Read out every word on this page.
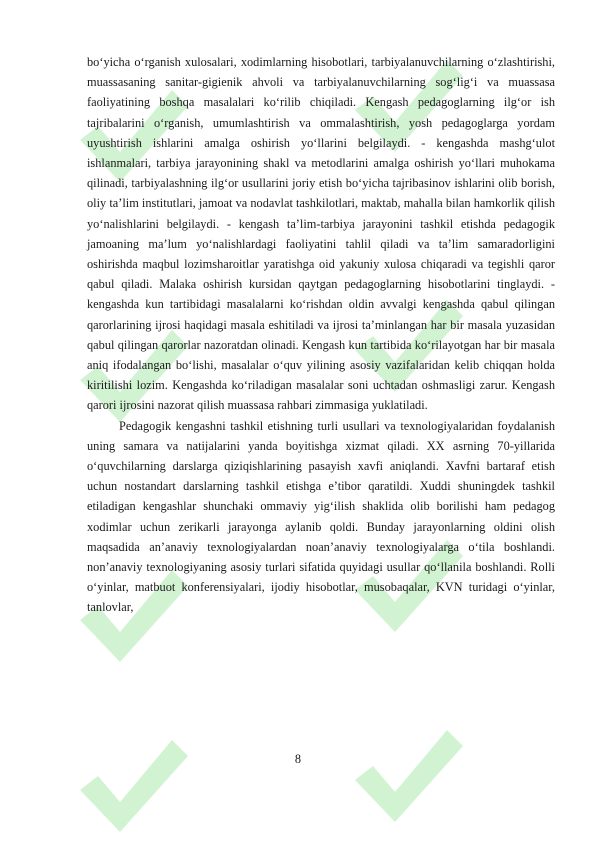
bo‘yicha o‘rganish xulosalari, xodimlarning hisobotlari, tarbiyalanuvchilarning o‘zlashtirishi, muassasaning sanitar-gigienik ahvoli va tarbiyalanuvchilarning sog‘lig‘i va muassasa faoliyatining boshqa masalalari ko‘rilib chiqiladi. Kengash pedagoglarning ilg‘or ish tajribalarini o‘rganish, umumlashtirish va ommalashtirish, yosh pedagoglarga yordam uyushtirish ishlarini amalga oshirish yo‘llarini belgilaydi. - kengashda mashg‘ulot ishlanmalari, tarbiya jarayonining shakl va metodlarini amalga oshirish yo‘llari muhokama qilinadi, tarbiyalashning ilg‘or usullarini joriy etish bo‘yicha tajribasinov ishlarini olib borish, oliy ta’lim institutlari, jamoat va nodavlat tashkilotlari, maktab, mahalla bilan hamkorlik qilish yo‘nalishlarini belgilaydi. - kengash ta’lim-tarbiya jarayonini tashkil etishda pedagogik jamoaning ma’lum yo‘nalishlardagi faoliyatini tahlil qiladi va ta’lim samaradorligini oshirishda maqbul lozimsharoitlar yaratishga oid yakuniy xulosa chiqaradi va tegishli qaror qabul qiladi. Malaka oshirish kursidan qaytgan pedagoglarning hisobotlarini tinglaydi. - kengashda kun tartibidagi masalalarni ko‘rishdan oldin avvalgi kengashda qabul qilingan qarorlarining ijrosi haqidagi masala eshitiladi va ijrosi ta’minlangan har bir masala yuzasidan qabul qilingan qarorlar nazoratdan olinadi. Kengash kun tartibida ko‘rilayotgan har bir masala aniq ifodalangan bo‘lishi, masalalar o‘quv yilining asosiy vazifalaridan kelib chiqqan holda kiritilishi lozim. Kengashda ko‘riladigan masalalar soni uchtadan oshmasligi zarur. Kengash qarori ijrosini nazorat qilish muassasa rahbari zimmasiga yuklatiladi.

Pedagogik kengashni tashkil etishning turli usullari va texnologiyalaridan foydalanish uning samara va natijalarini yanda boyitishga xizmat qiladi. XX asrning 70-yillarida o‘quvchilarning darslarga qiziqishlarining pasayish xavfi aniqlandi. Xavfni bartaraf etish uchun nostandart darslarning tashkil etishga e’tibor qaratildi. Xuddi shuningdek tashkil etiladigan kengashlar shunchaki ommaviy yig‘ilish shaklida olib borilishi ham pedagog xodimlar uchun zerikarli jarayonga aylanib qoldi. Bunday jarayonlarning oldini olish maqsadida an’anaviy texnologiyalardan noan’anaviy texnologiyalarga o‘tila boshlandi. non’anaviy texnologiyaning asosiy turlari sifatida quyidagi usullar qo‘llanila boshlandi. Rolli o‘yinlar, matbuot konferensiyalari, ijodiy hisobotlar, musobaqalar, KVN turidagi o‘yinlar, tanlovlar,

8
